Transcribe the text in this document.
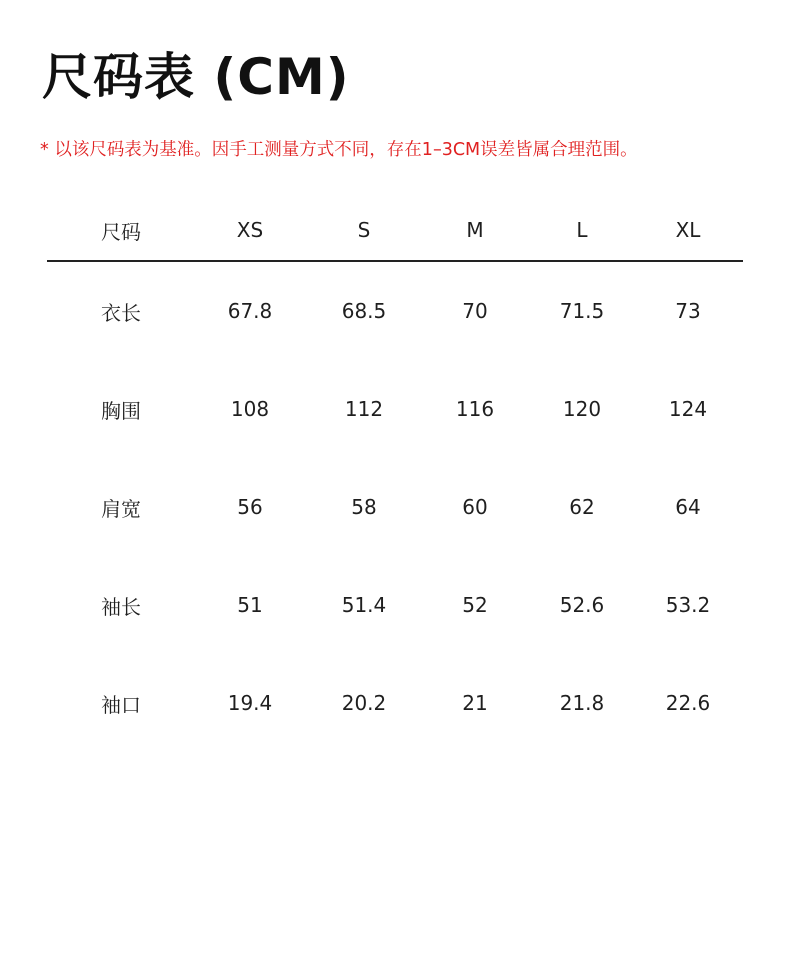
尺码表 (CM)
* 以该尺码表为基准。因手工测量方式不同，存在1–3CM误差皆属合理范围。
尺码	XS	S	M	L	XL
衣长	67.8	68.5	70	71.5	73
胸围	108	112	116	120	124
肩宽	56	58	60	62	64
袖长	51	51.4	52	52.6	53.2
袖口	19.4	20.2	21	21.8	22.6
